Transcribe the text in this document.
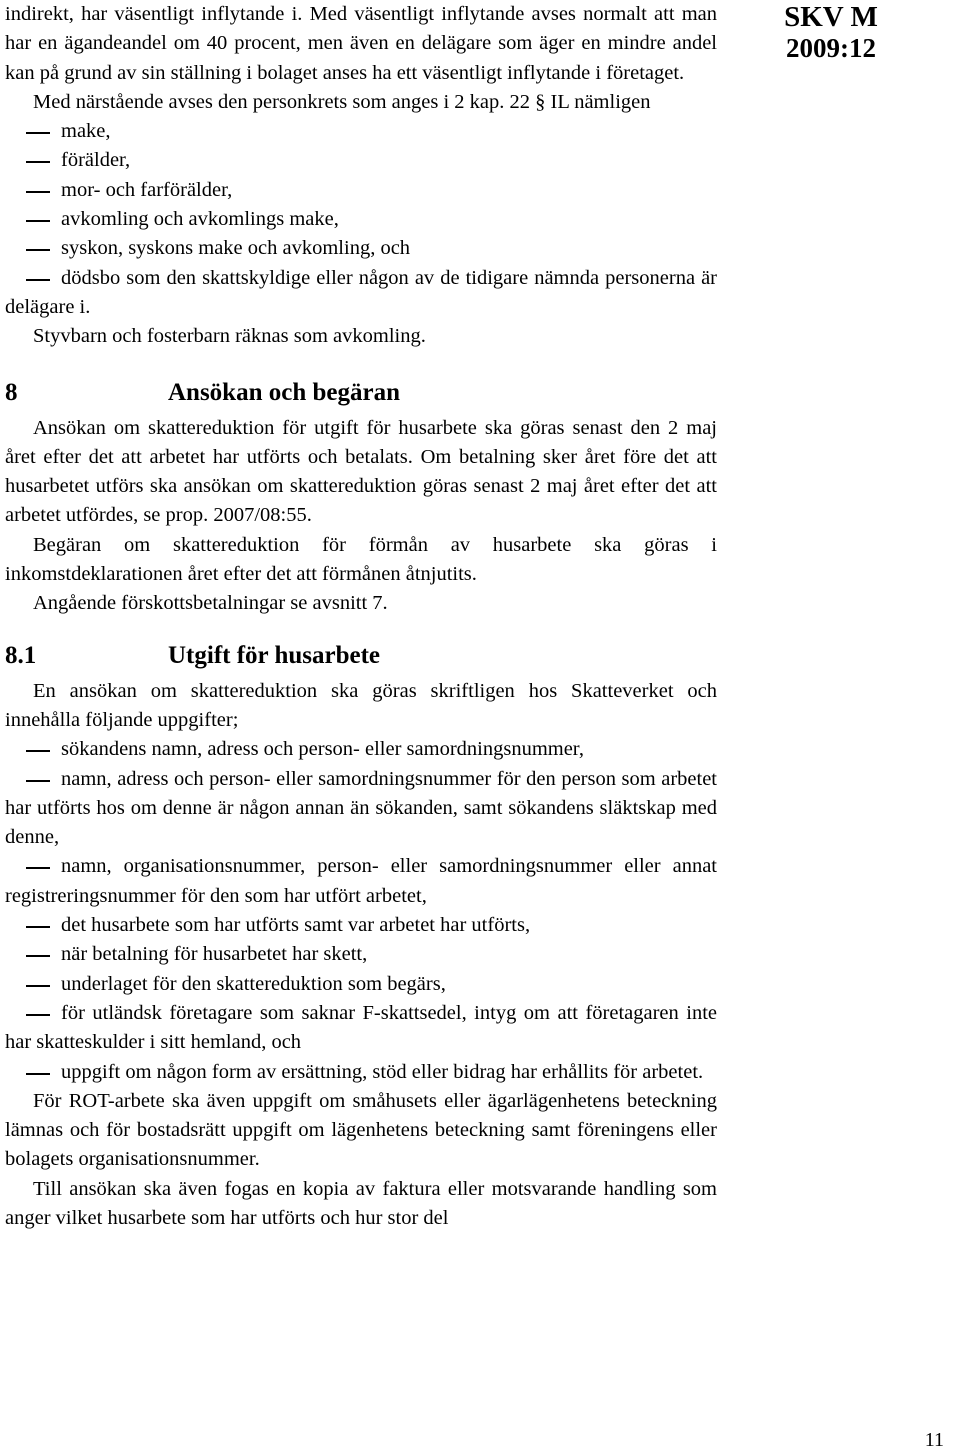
SKV M
2009:12

indirekt, har väsentligt inflytande i. Med väsentligt inflytande avses normalt att man har en ägandeandel om 40 procent, men även en delägare som äger en mindre andel kan på grund av sin ställning i bolaget anses ha ett väsentligt inflytande i företaget.

Med närstående avses den personkrets som anges i 2 kap. 22 § IL nämligen

make,

förälder,

mor- och farförälder,

avkomling och avkomlings make,

syskon, syskons make och avkomling, och

dödsbo som den skattskyldige eller någon av de tidigare nämnda personerna är delägare i.

Styvbarn och fosterbarn räknas som avkomling.

8	Ansökan och begäran

Ansökan om skattereduktion för utgift för husarbete ska göras senast den 2 maj året efter det att arbetet har utförts och betalats. Om betalning sker året före det att husarbetet utförs ska ansökan om skattereduktion göras senast 2 maj året efter det att arbetet utfördes, se prop. 2007/08:55.

Begäran om skattereduktion för förmån av husarbete ska göras i inkomstdeklarationen året efter det att förmånen åtnjutits.

Angående förskottsbetalningar se avsnitt 7.

8.1	Utgift för husarbete

En ansökan om skattereduktion ska göras skriftligen hos Skatteverket och innehålla följande uppgifter;

sökandens namn, adress och person- eller samordningsnummer,

namn, adress och person- eller samordningsnummer för den person som arbetet har utförts hos om denne är någon annan än sökanden, samt sökandens släktskap med denne,

namn, organisationsnummer, person- eller samordningsnummer eller annat registreringsnummer för den som har utfört arbetet,

det husarbete som har utförts samt var arbetet har utförts,

när betalning för husarbetet har skett,

underlaget för den skattereduktion som begärs,

för utländsk företagare som saknar F-skattsedel, intyg om att företagaren inte har skatteskulder i sitt hemland, och

uppgift om någon form av ersättning, stöd eller bidrag har erhållits för arbetet.

För ROT-arbete ska även uppgift om småhusets eller ägarlägenhetens beteckning lämnas och för bostadsrätt uppgift om lägenhetens beteckning samt föreningens eller bolagets organisationsnummer.

Till ansökan ska även fogas en kopia av faktura eller motsvarande handling som anger vilket husarbete som har utförts och hur stor del

11
